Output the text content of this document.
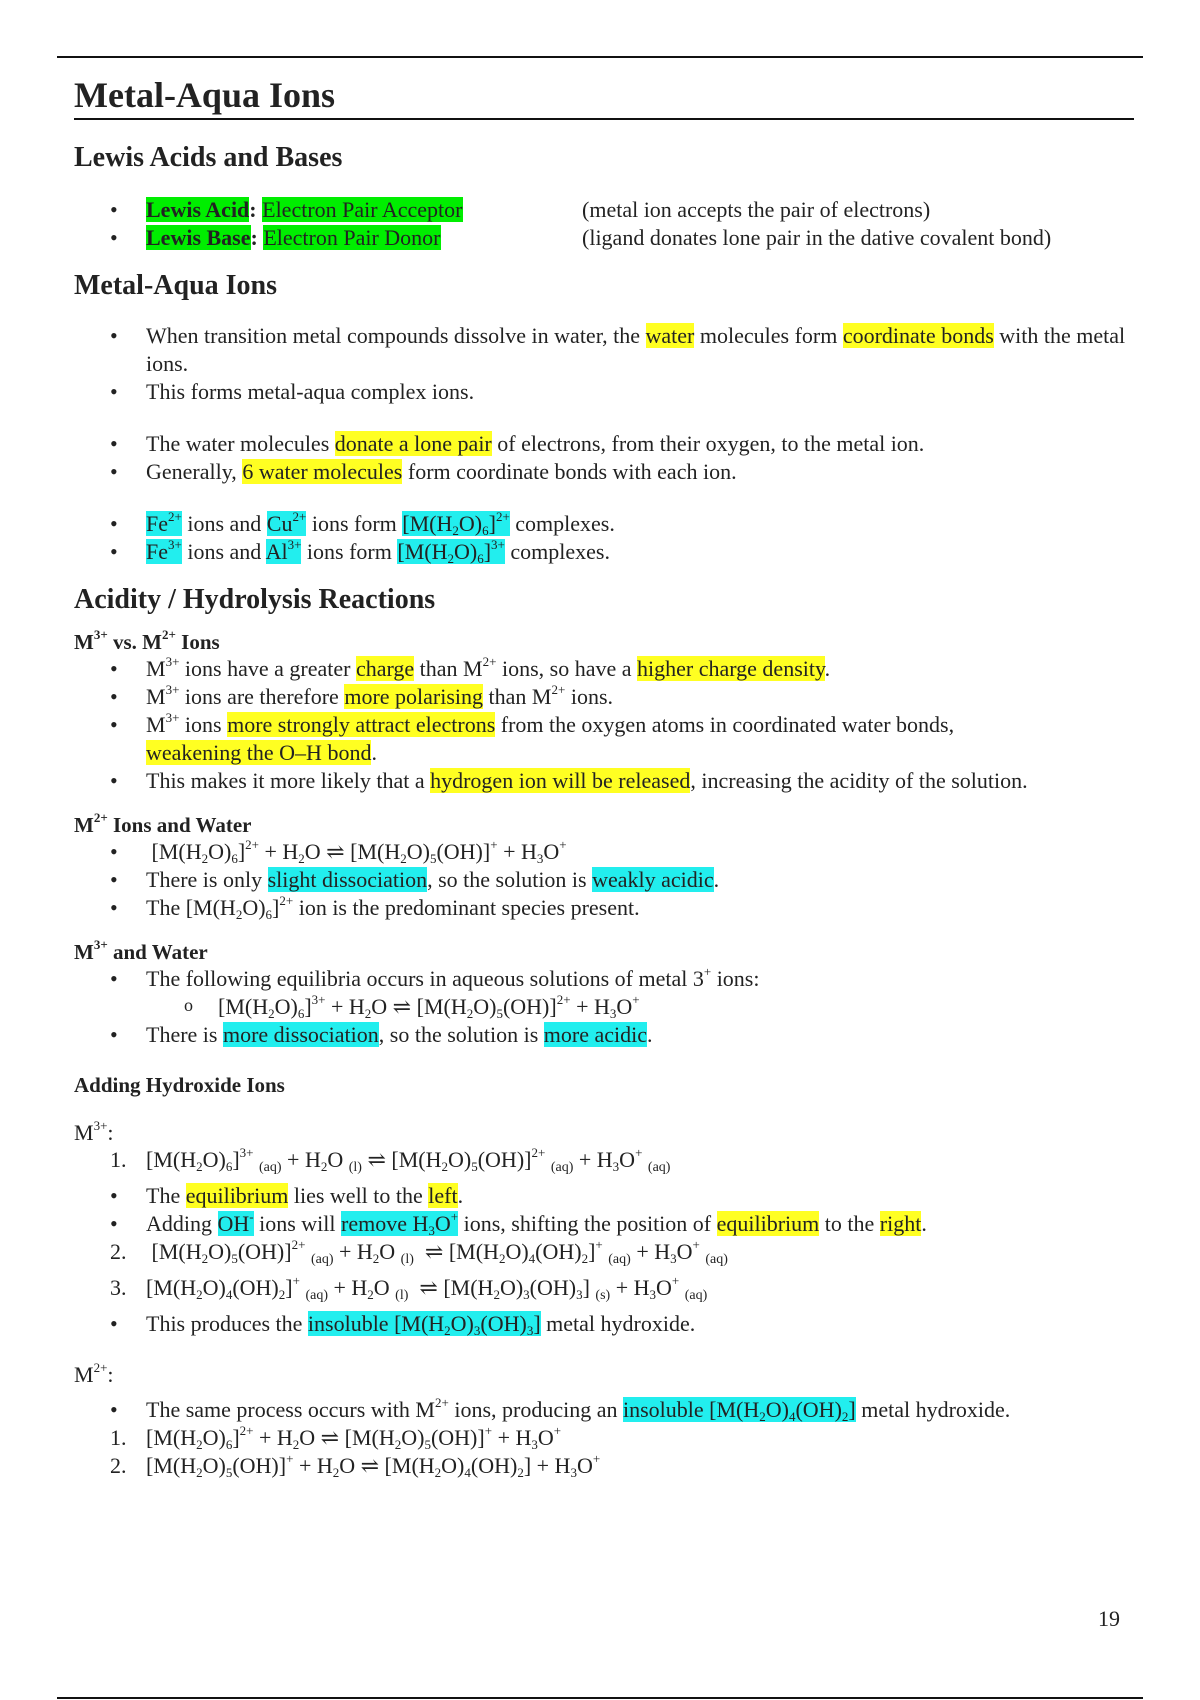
Metal-Aqua Ions
Lewis Acids and Bases
• Lewis Acid: Electron Pair Acceptor	(metal ion accepts the pair of electrons)
• Lewis Base: Electron Pair Donor	(ligand donates lone pair in the dative covalent bond)
Metal-Aqua Ions
• When transition metal compounds dissolve in water, the water molecules form coordinate bonds with the metal ions.
• This forms metal-aqua complex ions.
• The water molecules donate a lone pair of electrons, from their oxygen, to the metal ion.
• Generally, 6 water molecules form coordinate bonds with each ion.
• $Fe^{2+}$ ions and $Cu^{2+}$ ions form $[M(H_2O)_6]^{2+}$ complexes.
• $Fe^{3+}$ ions and $Al^{3+}$ ions form $[M(H_2O)_6]^{3+}$ complexes.
Acidity / Hydrolysis Reactions
$M^{3+}$ vs. $M^{2+}$ Ions
• $M^{3+}$ ions have a greater charge than $M^{2+}$ ions, so have a higher charge density.
• $M^{3+}$ ions are therefore more polarising than $M^{2+}$ ions.
• $M^{3+}$ ions more strongly attract electrons from the oxygen atoms in coordinated water bonds,
weakening the O–H bond.
• This makes it more likely that a hydrogen ion will be released, increasing the acidity of the solution.
$M^{2+}$ Ions and Water
•  $[M(H_2O)_6]^{2+} + H_2O$ ⇌ $[M(H_2O)_5(OH)]^+ + H_3O^+$
• There is only slight dissociation, so the solution is weakly acidic.
• The $[M(H_2O)_6]^{2+}$ ion is the predominant species present.
$M^{3+}$ and Water
• The following equilibria occurs in aqueous solutions of metal 3+ ions:
o $[M(H_2O)_6]^{3+} + H_2O$ ⇌ $[M(H_2O)_5(OH)]^{2+} + H_3O^+$
• There is more dissociation, so the solution is more acidic.
Adding Hydroxide Ions
$M^{3+}$:
1. $[M(H_2O)_6]^{3+}$ $(aq) + H_2O$ (l) ⇌ $[M(H_2O)_5(OH)]^{2+}$ $(aq) + H_3O^+$ (aq)
• The equilibrium lies well to the left.
• Adding OH- ions will remove $H_3O^+$ ions, shifting the position of equilibrium to the right.
2. $[M(H_2O)_5(OH)]^{2+}$ $(aq) + H_2O$ (l)  ⇌ $[M(H_2O)_4(OH)_2]^+$ $(aq) + H_3O^+$ (aq)
3. $[M(H_2O)_4(OH)_2]^+$ $(aq) + H_2O$ (l)  ⇌ $[M(H_2O)_3(OH)_3] (s) + H_3O^+$ (aq)
• This produces the insoluble $[M(H_2O)_3(OH)_3]$ metal hydroxide.
$M^{2+}$:
• The same process occurs with $M^{2+}$ ions, producing an insoluble $[M(H_2O)_4(OH)_2]$ metal hydroxide.
1. $[M(H_2O)_6]^{2+} + H_2O$ ⇌ $[M(H_2O)_5(OH)]^+ + H_3O^+$
2. $[M(H_2O)_5(OH)]^+ + H_2O$ ⇌ $[M(H_2O)_4(OH)_2] + H_3O^+$
19
